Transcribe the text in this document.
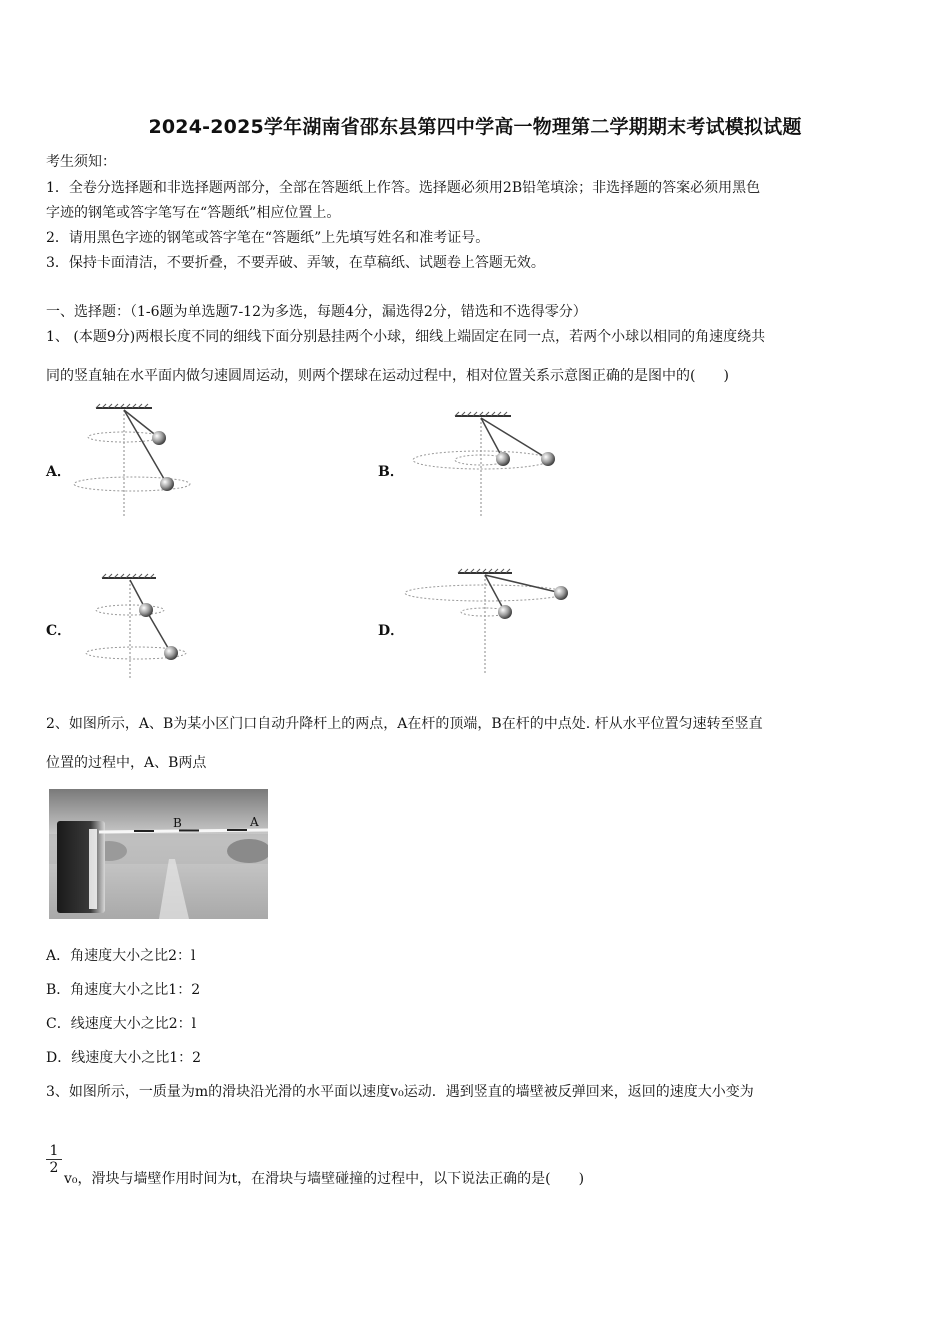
2024-2025学年湖南省邵东县第四中学高一物理第二学期期末考试模拟试题
考生须知：
1．全卷分选择题和非选择题两部分，全部在答题纸上作答。选择题必须用2B铅笔填涂；非选择题的答案必须用黑色
字迹的钢笔或答字笔写在“答题纸”相应位置上。
2．请用黑色字迹的钢笔或答字笔在“答题纸”上先填写姓名和准考证号。
3．保持卡面清洁，不要折叠，不要弄破、弄皱，在草稿纸、试题卷上答题无效。
一、选择题：（1-6题为单选题7-12为多选，每题4分，漏选得2分，错选和不选得零分）
1、 (本题9分)两根长度不同的细线下面分别悬挂两个小球，细线上端固定在同一点，若两个小球以相同的角速度绕共
同的竖直轴在水平面内做匀速圆周运动，则两个摆球在运动过程中，相对位置关系示意图正确的是图中的(　　)
A．	B．
C．	D．
2、如图所示，A、B为某小区门口自动升降杆上的两点，A在杆的顶端，B在杆的中点处. 杆从水平位置匀速转至竖直
位置的过程中，A、B两点
B	A
A．角速度大小之比2：l
B．角速度大小之比1：2
C．线速度大小之比2：l
D．线速度大小之比1：2
3、如图所示，一质量为m的滑块沿光滑的水平面以速度v₀运动．遇到竖直的墙壁被反弹回来，返回的速度大小变为
$\frac{1}{2}$
v₀，滑块与墙壁作用时间为t，在滑块与墙壁碰撞的过程中，以下说法正确的是(　　)
